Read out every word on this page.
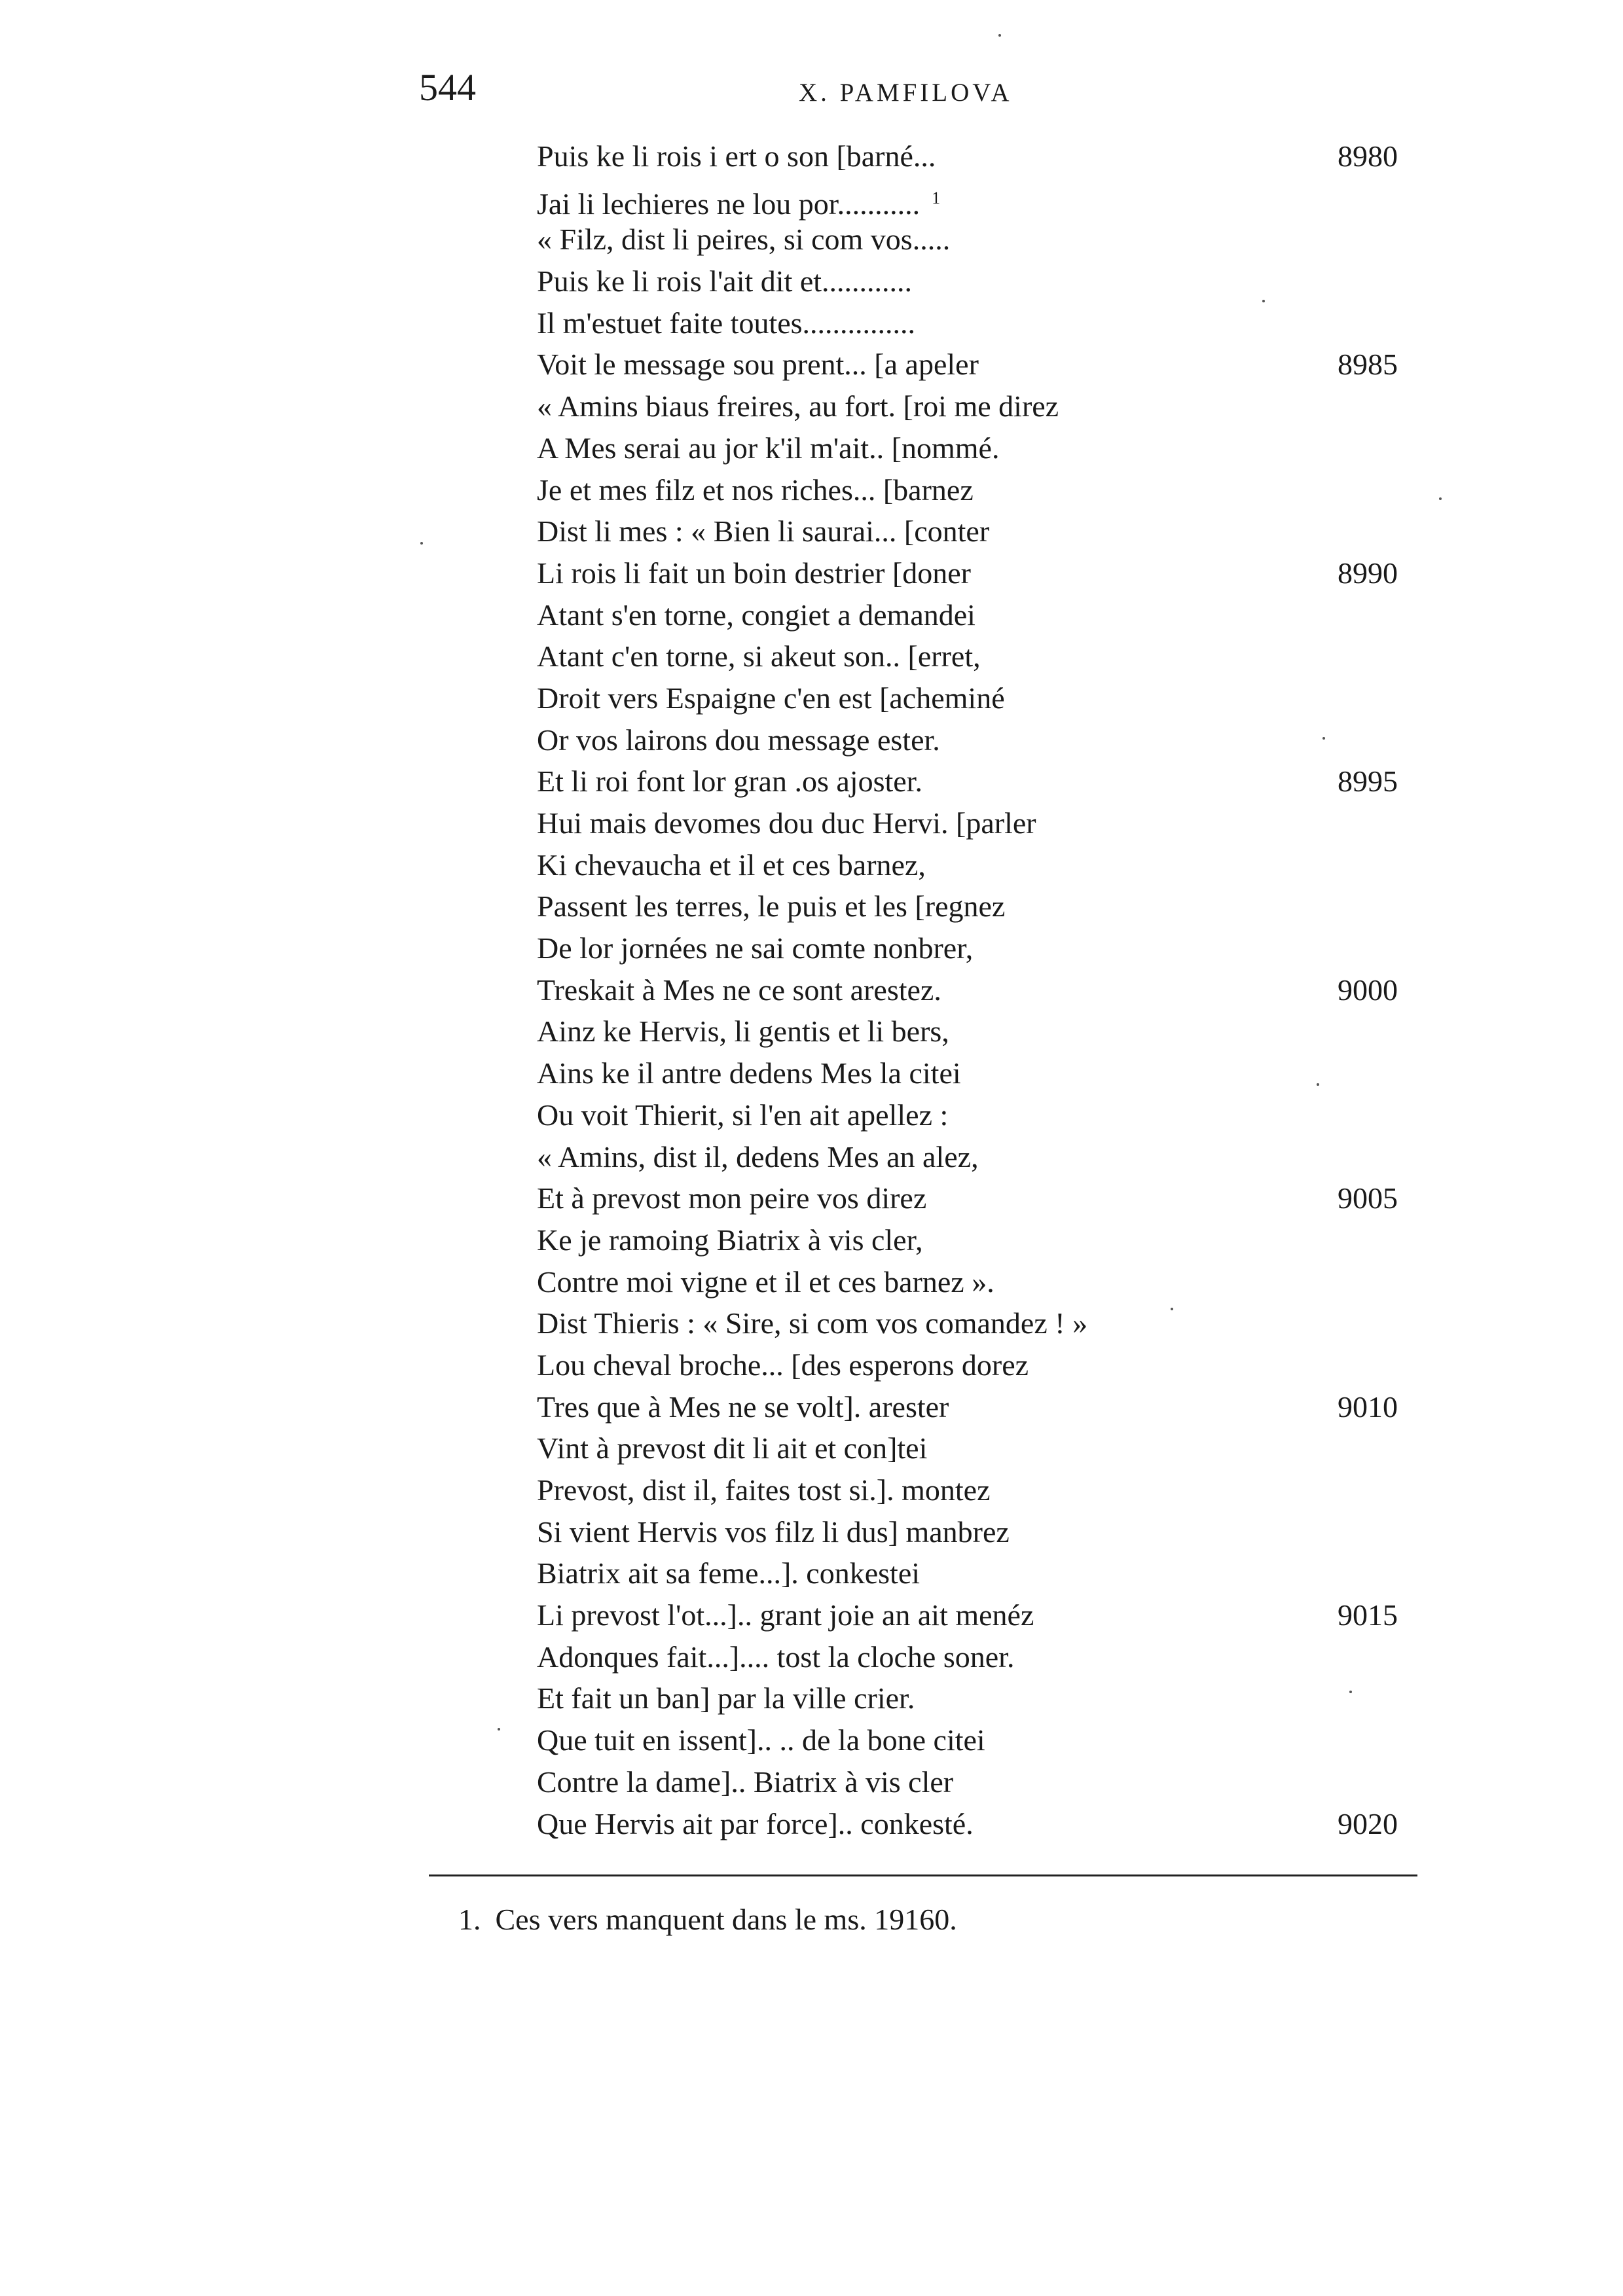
544	X. PAMFILOVA
Puis ke li rois i ert o son [barné...	8980
Jai li lechieres ne lou por........... $^1$
« Filz, dist li peires, si com vos.....
Puis ke li rois l'ait dit et............
Il m'estuet faite toutes...............
Voit le message sou prent... [a apeler	8985
« Amins biaus freires, au fort. [roi me direz
A Mes serai au jor k'il m'ait.. [nommé.
Je et mes filz et nos riches... [barnez
Dist li mes : « Bien li saurai... [conter
Li rois li fait un boin destrier [doner	8990
Atant s'en torne, congiet a demandei
Atant c'en torne, si akeut son.. [erret,
Droit vers Espaigne c'en est [acheminé
Or vos lairons dou message ester.
Et li roi font lor gran .os ajoster.	8995
Hui mais devomes dou duc Hervi. [parler
Ki chevaucha et il et ces barnez,
Passent les terres, le puis et les [regnez
De lor jornées ne sai comte nonbrer,
Treskait à Mes ne ce sont arestez.	9000
Ainz ke Hervis, li gentis et li bers,
Ains ke il antre dedens Mes la citei
Ou voit Thierit, si l'en ait apellez :
« Amins, dist il, dedens Mes an alez,
Et à prevost mon peire vos direz	9005
Ke je ramoing Biatrix à vis cler,
Contre moi vigne et il et ces barnez ».
Dist Thieris : « Sire, si com vos comandez ! »
Lou cheval broche... [des esperons dorez
Tres que à Mes ne se volt]. arester	9010
Vint à prevost dit li ait et con]tei
Prevost, dist il, faites tost si.]. montez
Si vient Hervis vos filz li dus] manbrez
Biatrix ait sa feme...]. conkestei
Li prevost l'ot...].. grant joie an ait menéz	9015
Adonques fait...].... tost la cloche soner.
Et fait un ban] par la ville crier.
Que tuit en issent].. .. de la bone citei
Contre la dame].. Biatrix à vis cler
Que Hervis ait par force].. conkesté.	9020
1. Ces vers manquent dans le ms. 19160.
